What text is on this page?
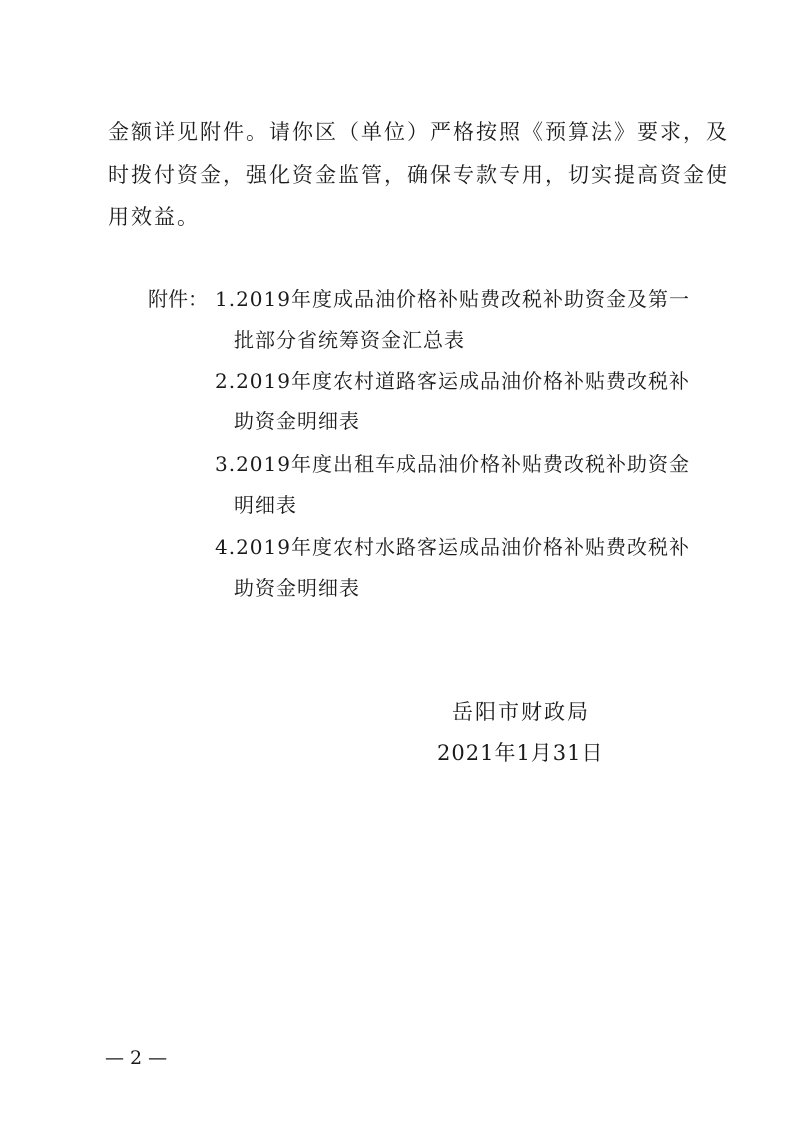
金额详见附件。请你区（单位）严格按照《预算法》要求，及
时拨付资金，强化资金监管，确保专款专用，切实提高资金使
用效益。
附件： 1.2019年度成品油价格补贴费改税补助资金及第一
批部分省统筹资金汇总表
2.2019年度农村道路客运成品油价格补贴费改税补
助资金明细表
3.2019年度出租车成品油价格补贴费改税补助资金
明细表
4.2019年度农村水路客运成品油价格补贴费改税补
助资金明细表
岳阳市财政局
2021年1月31日
— 2 —
